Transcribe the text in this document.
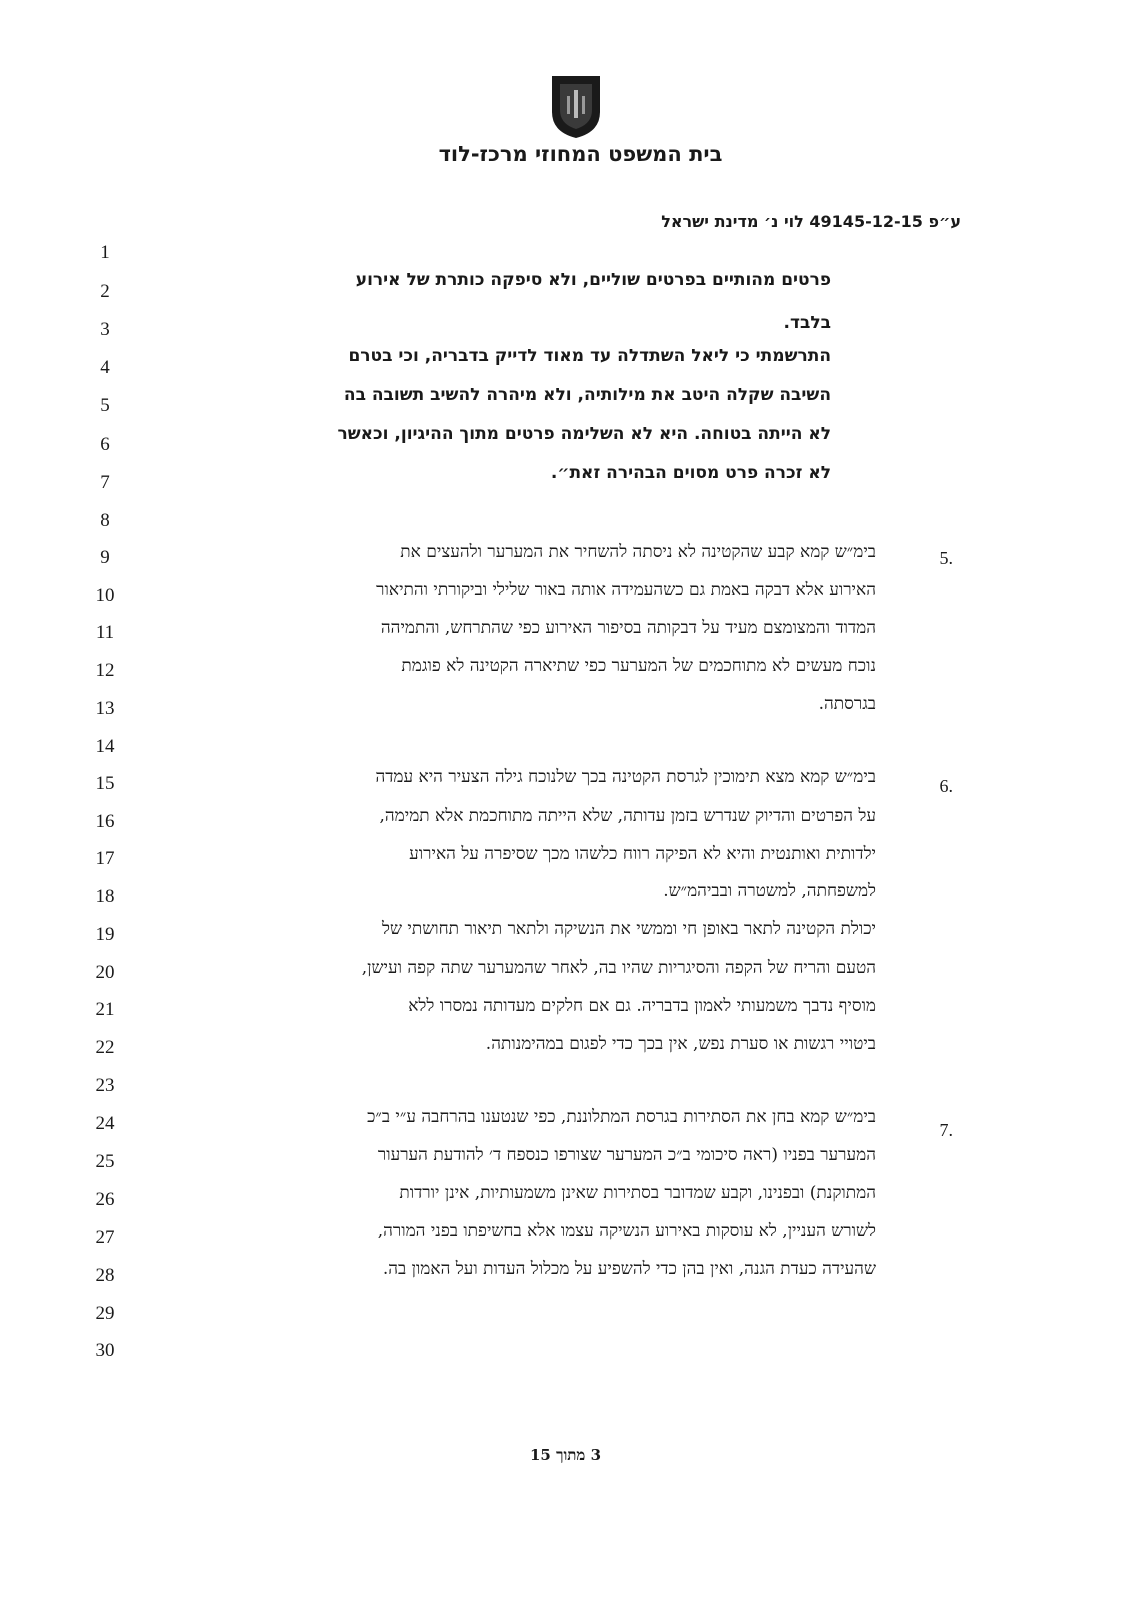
בית המשפט המחוזי מרכז-לוד
ע״פ 49145-12-15 לוי נ׳ מדינת ישראל
1
2
3
4
5
6
7
8
9
10
11
12
13
14
15
16
17
18
19
20
21
22
23
24
25
26
27
28
29
30
פרטים מהותיים בפרטים שוליים, ולא סיפקה כותרת של אירוע
בלבד.
התרשמתי כי ליאל השתדלה עד מאוד לדייק בדבריה, וכי בטרם
השיבה שקלה היטב את מילותיה, ולא מיהרה להשיב תשובה בה
לא הייתה בטוחה. היא לא השלימה פרטים מתוך ההיגיון, וכאשר
לא זכרה פרט מסוים הבהירה זאת״.
5.
בימ״ש קמא קבע שהקטינה לא ניסתה להשחיר את המערער ולהעצים את
האירוע אלא דבקה באמת גם כשהעמידה אותה באור שלילי וביקורתי והתיאור
המדוד והמצומצם מעיד על דבקותה בסיפור האירוע כפי שהתרחש, והתמיהה
נוכח מעשים לא מתוחכמים של המערער כפי שתיארה הקטינה לא פוגמת
בגרסתה.
6.
בימ״ש קמא מצא תימוכין לגרסת הקטינה בכך שלנוכח גילה הצעיר היא עמדה
על הפרטים והדיוק שנדרש בזמן עדותה, שלא הייתה מתוחכמת אלא תמימה,
ילדותית ואותנטית והיא לא הפיקה רווח כלשהו מכך שסיפרה על האירוע
למשפחתה, למשטרה ובביהמ״ש.
יכולת הקטינה לתאר באופן חי וממשי את הנשיקה ולתאר תיאור תחושתי של
הטעם והריח של הקפה והסיגריות שהיו בה, לאחר שהמערער שתה קפה ועישן,
מוסיף נדבך משמעותי לאמון בדבריה. גם אם חלקים מעדותה נמסרו ללא
ביטויי רגשות או סערת נפש, אין בכך כדי לפגום במהימנותה.
7.
בימ״ש קמא בחן את הסתירות בגרסת המתלוננת, כפי שנטענו בהרחבה ע״י ב״כ
המערער בפניו (ראה סיכומי ב״כ המערער שצורפו כנספח ד׳ להודעת הערעור
המתוקנת) ובפנינו, וקבע שמדובר בסתירות שאינן משמעותיות, אינן יורדות
לשורש העניין, לא עוסקות באירוע הנשיקה עצמו אלא בחשיפתו בפני המורה,
שהעידה כעדת הגנה, ואין בהן כדי להשפיע על מכלול העדות ועל האמון בה.
3 מתוך 15
